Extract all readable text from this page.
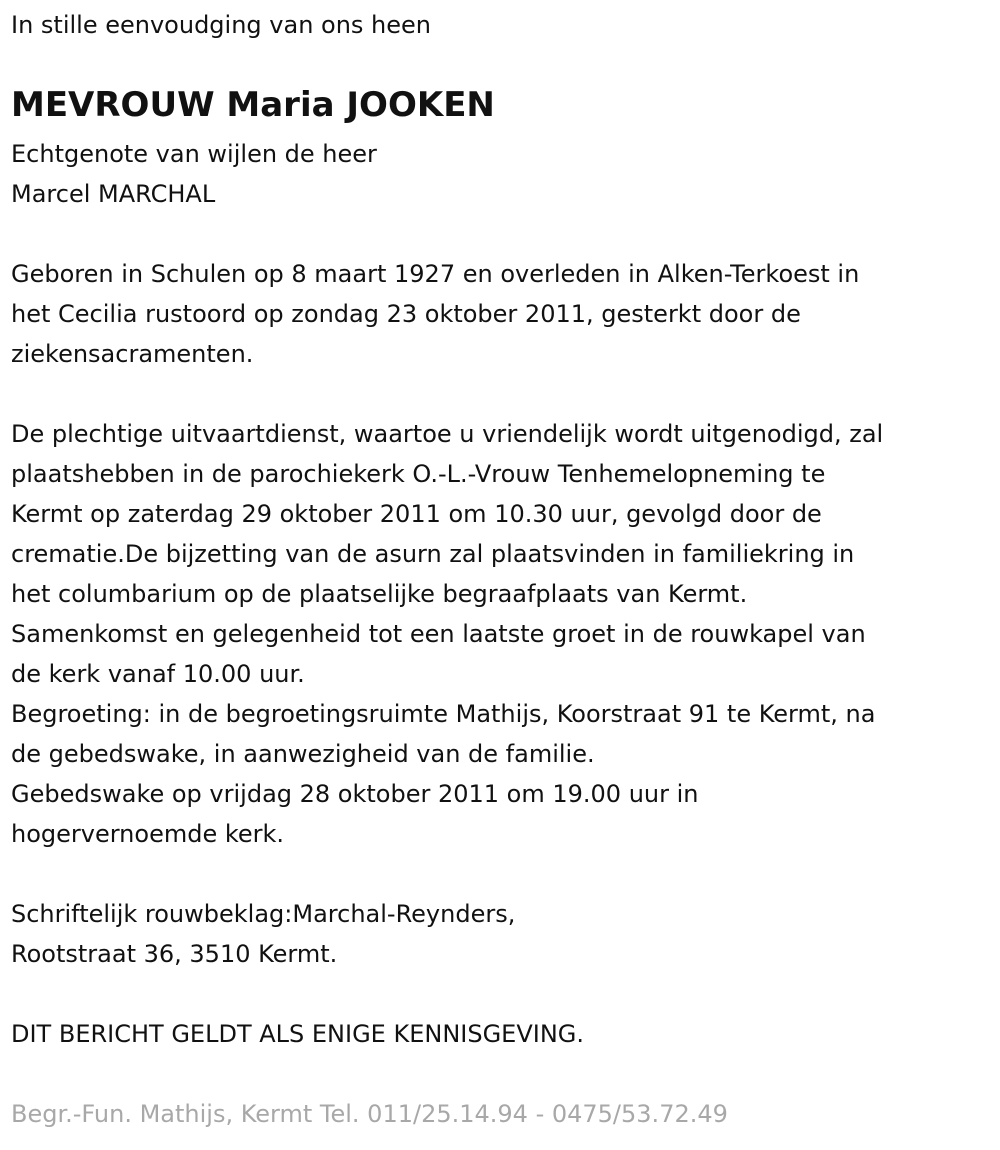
In stille eenvoudging van ons heen
MEVROUW Maria JOOKEN
Echtgenote van wijlen de heer
Marcel MARCHAL
Geboren in Schulen op 8 maart 1927 en overleden in Alken-Terkoest in
het Cecilia rustoord op zondag 23 oktober 2011, gesterkt door de
ziekensacramenten.
De plechtige uitvaartdienst, waartoe u vriendelijk wordt uitgenodigd, zal
plaatshebben in de parochiekerk O.-L.-Vrouw Tenhemelopneming te
Kermt op zaterdag 29 oktober 2011 om 10.30 uur, gevolgd door de
crematie.De bijzetting van de asurn zal plaatsvinden in familiekring in
het columbarium op de plaatselijke begraafplaats van Kermt.
Samenkomst en gelegenheid tot een laatste groet in de rouwkapel van
de kerk vanaf 10.00 uur.
Begroeting: in de begroetingsruimte Mathijs, Koorstraat 91 te Kermt, na
de gebedswake, in aanwezigheid van de familie.
Gebedswake op vrijdag 28 oktober 2011 om 19.00 uur in
hogervernoemde kerk.
Schriftelijk rouwbeklag:Marchal-Reynders,
Rootstraat 36, 3510 Kermt.
DIT BERICHT GELDT ALS ENIGE KENNISGEVING.
Begr.-Fun. Mathijs, Kermt Tel. 011/25.14.94 - 0475/53.72.49
